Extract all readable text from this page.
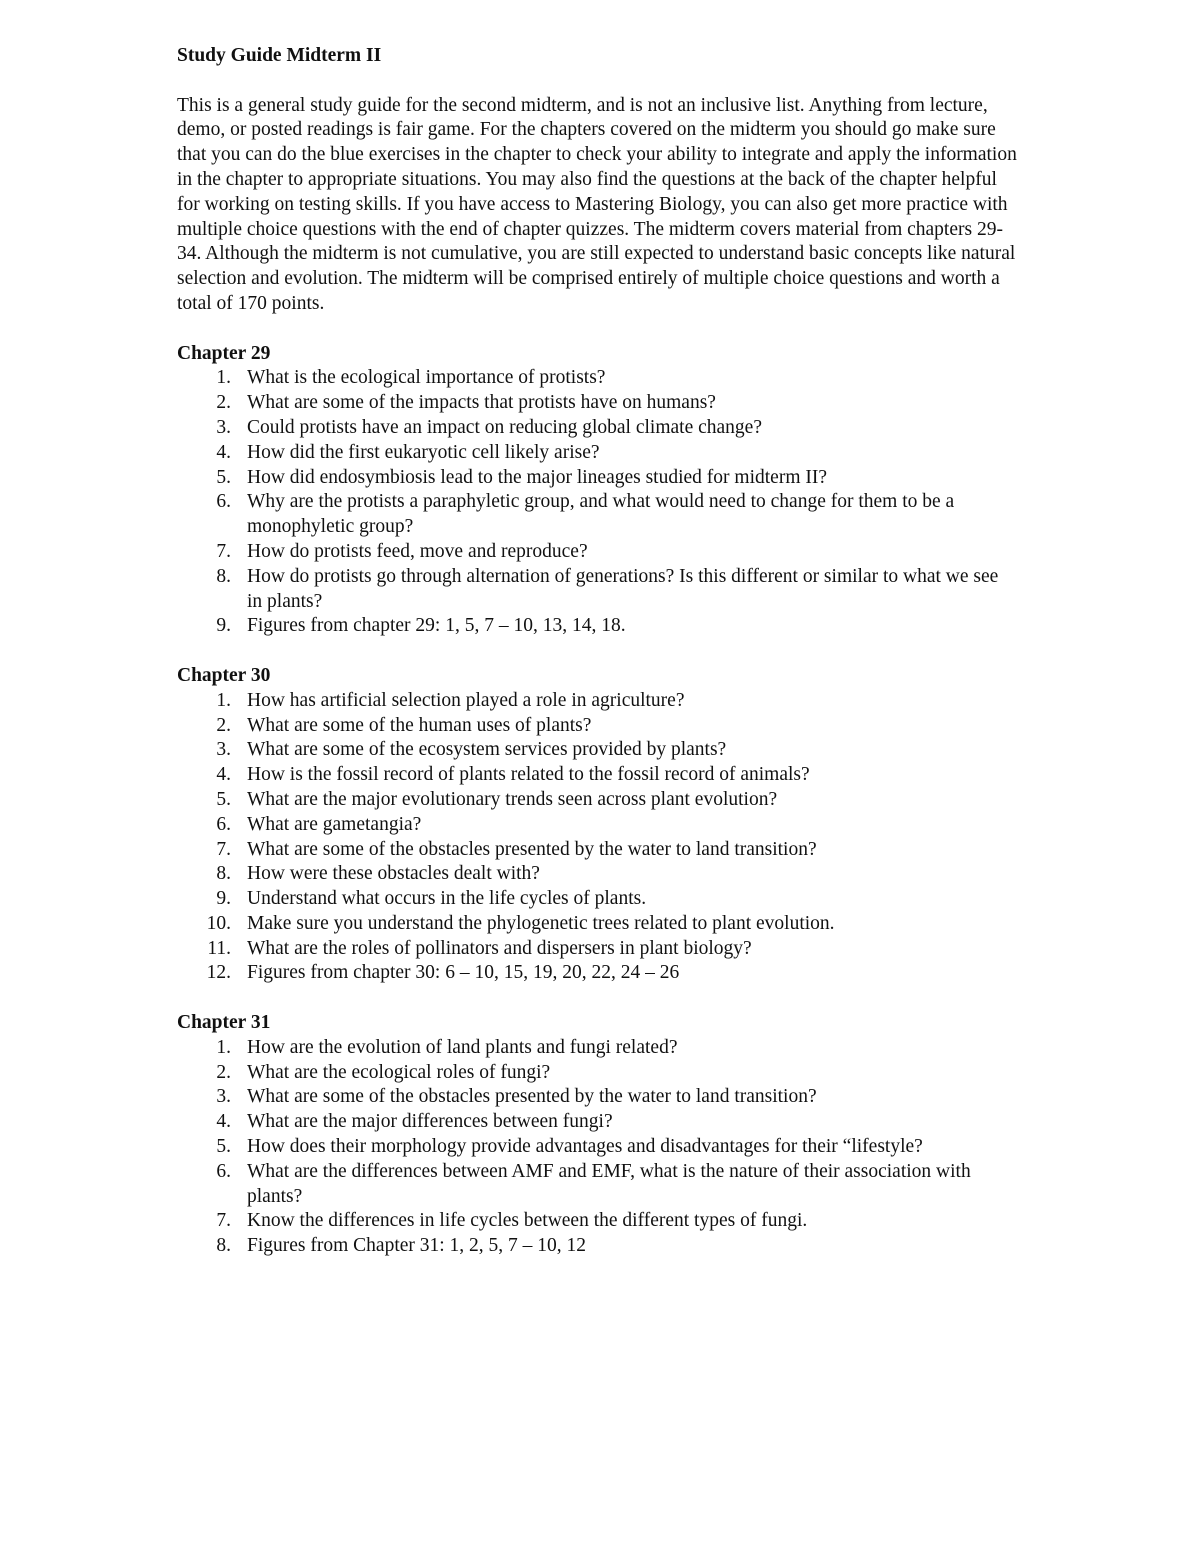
Study Guide Midterm II
This is a general study guide for the second midterm, and is not an inclusive list. Anything from lecture, demo, or posted readings is fair game. For the chapters covered on the midterm you should go make sure that you can do the blue exercises in the chapter to check your ability to integrate and apply the information in the chapter to appropriate situations. You may also find the questions at the back of the chapter helpful for working on testing skills. If you have access to Mastering Biology, you can also get more practice with multiple choice questions with the end of chapter quizzes. The midterm covers material from chapters 29-34. Although the midterm is not cumulative, you are still expected to understand basic concepts like natural selection and evolution. The midterm will be comprised entirely of multiple choice questions and worth a total of 170 points.
Chapter 29
1. What is the ecological importance of protists?
2. What are some of the impacts that protists have on humans?
3. Could protists have an impact on reducing global climate change?
4. How did the first eukaryotic cell likely arise?
5. How did endosymbiosis lead to the major lineages studied for midterm II?
6. Why are the protists a paraphyletic group, and what would need to change for them to be a monophyletic group?
7. How do protists feed, move and reproduce?
8. How do protists go through alternation of generations? Is this different or similar to what we see in plants?
9. Figures from chapter 29: 1, 5, 7 – 10, 13, 14, 18.
Chapter 30
1. How has artificial selection played a role in agriculture?
2. What are some of the human uses of plants?
3. What are some of the ecosystem services provided by plants?
4. How is the fossil record of plants related to the fossil record of animals?
5. What are the major evolutionary trends seen across plant evolution?
6. What are gametangia?
7. What are some of the obstacles presented by the water to land transition?
8. How were these obstacles dealt with?
9. Understand what occurs in the life cycles of plants.
10. Make sure you understand the phylogenetic trees related to plant evolution.
11. What are the roles of pollinators and dispersers in plant biology?
12. Figures from chapter 30: 6 – 10, 15, 19, 20, 22, 24 – 26
Chapter 31
1. How are the evolution of land plants and fungi related?
2. What are the ecological roles of fungi?
3. What are some of the obstacles presented by the water to land transition?
4. What are the major differences between fungi?
5. How does their morphology provide advantages and disadvantages for their “lifestyle?
6. What are the differences between AMF and EMF, what is the nature of their association with plants?
7. Know the differences in life cycles between the different types of fungi.
8. Figures from Chapter 31: 1, 2, 5, 7 – 10, 12
